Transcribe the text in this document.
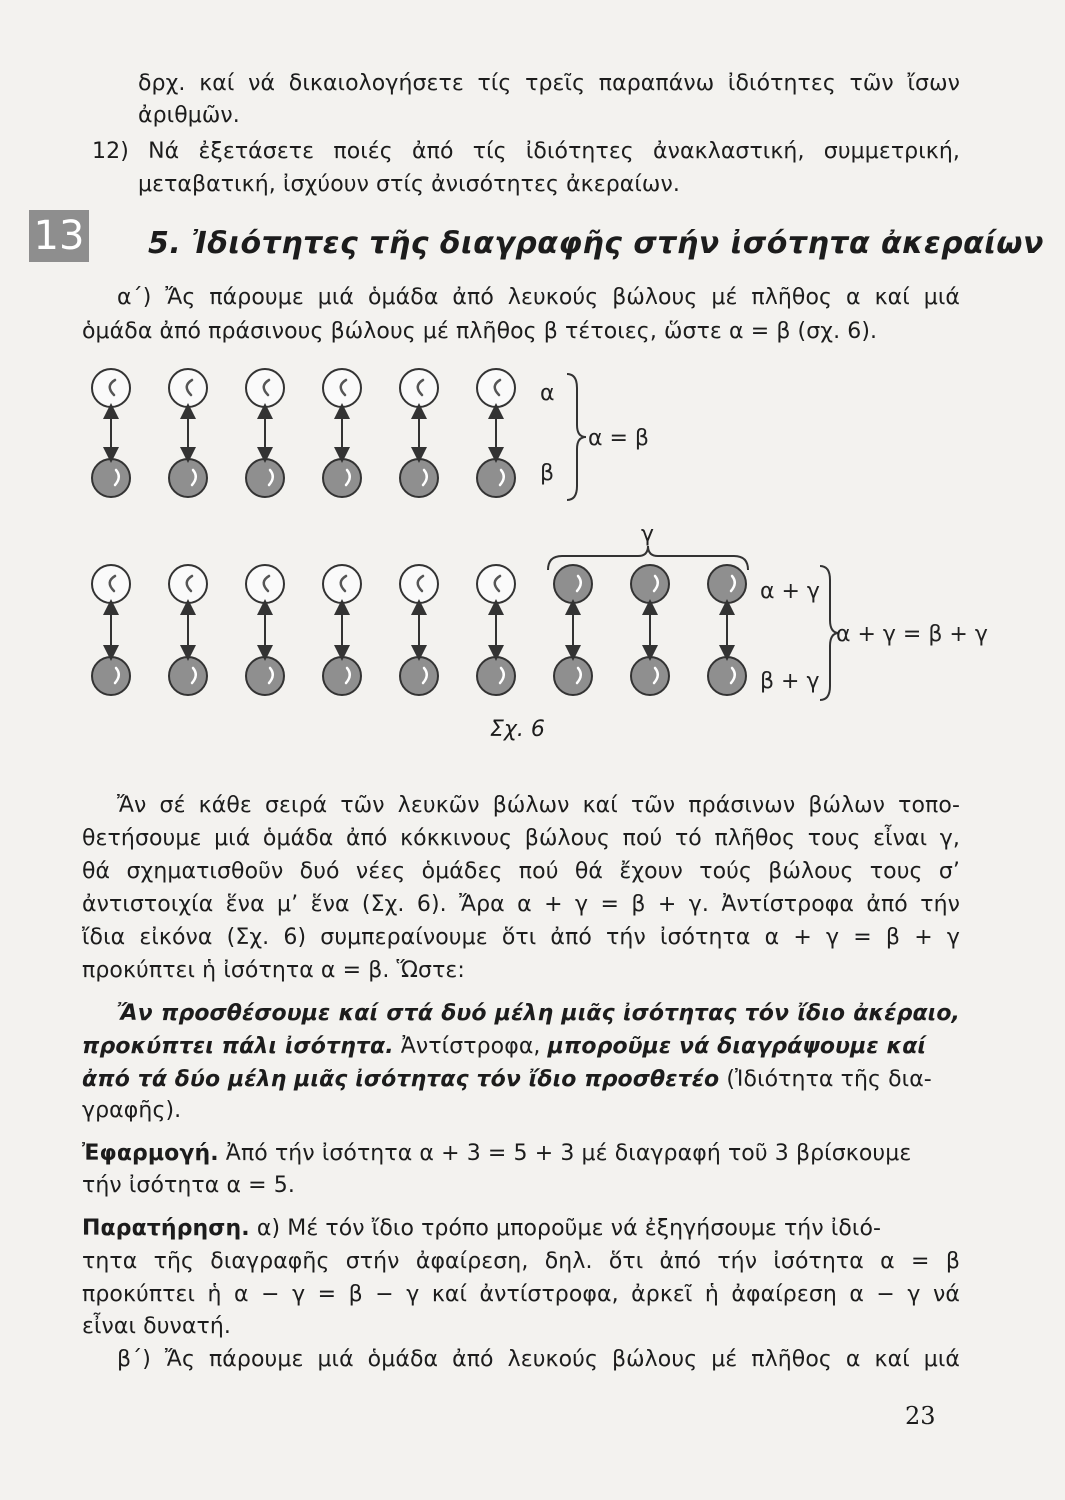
δρχ. καί νά δικαιολογήσετε τίς τρεῖς παραπάνω ἰδιότητες τῶν ἴσων
ἀριθμῶν.
12) Νά ἐξετάσετε ποιές ἀπό τίς ἰδιότητες ἀνακλαστική, συμμετρική,
μεταβατική, ἰσχύουν στίς ἀνισότητες ἀκεραίων.
13 5. Ἰδιότητες τῆς διαγραφῆς στήν ἰσότητα ἀκεραίων
α΄) Ἄς πάρουμε μιά ὁμάδα ἀπό λευκούς βώλους μέ πλῆθος α καί μιά
ὁμάδα ἀπό πράσινους βώλους μέ πλῆθος β τέτοιες, ὥστε α = β (σχ. 6).
α
β
α = β
γ
α + γ
β + γ
α + γ = β + γ
Σχ. 6
Ἄν σέ κάθε σειρά τῶν λευκῶν βώλων καί τῶν πράσινων βώλων τοπο-
θετήσουμε μιά ὁμάδα ἀπό κόκκινους βώλους πού τό πλῆθος τους εἶναι γ,
θά σχηματισθοῦν δυό νέες ὁμάδες πού θά ἔχουν τούς βώλους τους σ’
ἀντιστοιχία ἕνα μ’ ἕνα (Σχ. 6). Ἄρα α + γ = β + γ. Ἀντίστροφα ἀπό τήν
ἴδια εἰκόνα (Σχ. 6) συμπεραίνουμε ὅτι ἀπό τήν ἰσότητα α + γ = β + γ
προκύπτει ἡ ἰσότητα α = β. Ὥστε:
Ἄν προσθέσουμε καί στά δυό μέλη μιᾶς ἰσότητας τόν ἴδιο ἀκέραιο,
προκύπτει πάλι ἰσότητα. Ἀντίστροφα, μποροῦμε νά διαγράψουμε καί
ἀπό τά δύο μέλη μιᾶς ἰσότητας τόν ἴδιο προσθετέο (Ἰδιότητα τῆς δια-
γραφῆς).
Ἐφαρμογή. Ἀπό τήν ἰσότητα α + 3 = 5 + 3 μέ διαγραφή τοῦ 3 βρίσκουμε
τήν ἰσότητα α = 5.
Παρατήρηση. α) Μέ τόν ἴδιο τρόπο μποροῦμε νά ἐξηγήσουμε τήν ἰδιό-
τητα τῆς διαγραφῆς στήν ἀφαίρεση, δηλ. ὅτι ἀπό τήν ἰσότητα α = β
προκύπτει ἡ α − γ = β − γ καί ἀντίστροφα, ἀρκεῖ ἡ ἀφαίρεση α − γ νά
εἶναι δυνατή.
β΄) Ἄς πάρουμε μιά ὁμάδα ἀπό λευκούς βώλους μέ πλῆθος α καί μιά
23
